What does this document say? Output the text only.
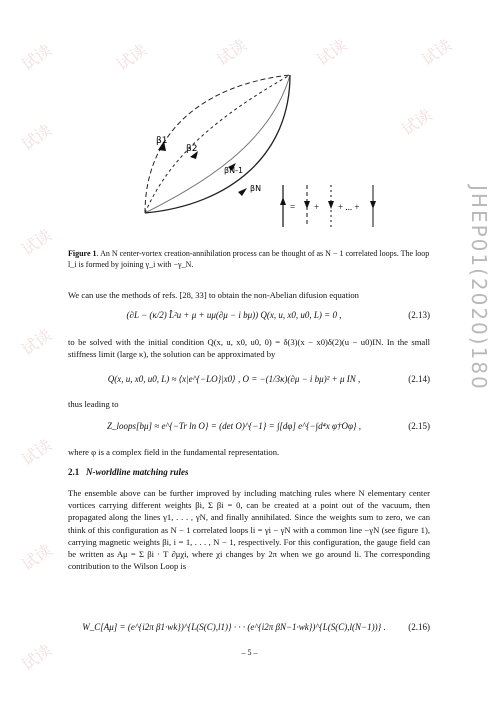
试读	试读	试读	试读	试读
试读	试读
试读
试读
试读
试读
试读
JHEP01(2020)180
β1
β2
βN-1
βN
= + + ... +
Figure 1. An N center-vortex creation-annihilation process can be thought of as N − 1 correlated loops. The loop l_i is formed by joining γ_i with −γ_N.
We can use the methods of refs. [28, 33] to obtain the non-Abelian difusion equation
(∂L − (κ/2) L̂²u + μ + uμ(∂μ − i bμ)) Q(x, u, x0, u0, L) = 0 ,	(2.13)
to be solved with the initial condition Q(x, u, x0, u0, 0) = δ(3)(x − x0)δ(2)(u − u0)IN. In the small stiffness limit (large κ), the solution can be approximated by
Q(x, u, x0, u0, L) ≈ ⟨x|e^{−LO}|x0⟩ , O = −(1/3κ)(∂μ − i bμ)² + μ IN ,	(2.14)
thus leading to
Z_loops[bμ] ≈ e^{−Tr ln O} = (det O)^{−1} = ∫[dφ] e^{−∫d⁴x φ†Oφ} ,	(2.15)
where φ is a complex field in the fundamental representation.
2.1 N-worldline matching rules
The ensemble above can be further improved by including matching rules where N elementary center vortices carrying different weights βi, Σ βi = 0, can be created at a point out of the vacuum, then propagated along the lines γ1, . . . , γN, and finally annihilated. Since the weights sum to zero, we can think of this configuration as N − 1 correlated loops li = γi − γN with a common line −γN (see figure 1), carrying magnetic weights βi, i = 1, . . . , N − 1, respectively. For this configuration, the gauge field can be written as Aμ = Σ βi · T ∂μχi, where χi changes by 2π when we go around li. The corresponding contribution to the Wilson Loop is
W_C[Aμ] = (e^{i2π β1·wk})^{L(S(C),l1)} · · · (e^{i2π βN−1·wk})^{L(S(C),l(N−1))} .	(2.16)
– 5 –
